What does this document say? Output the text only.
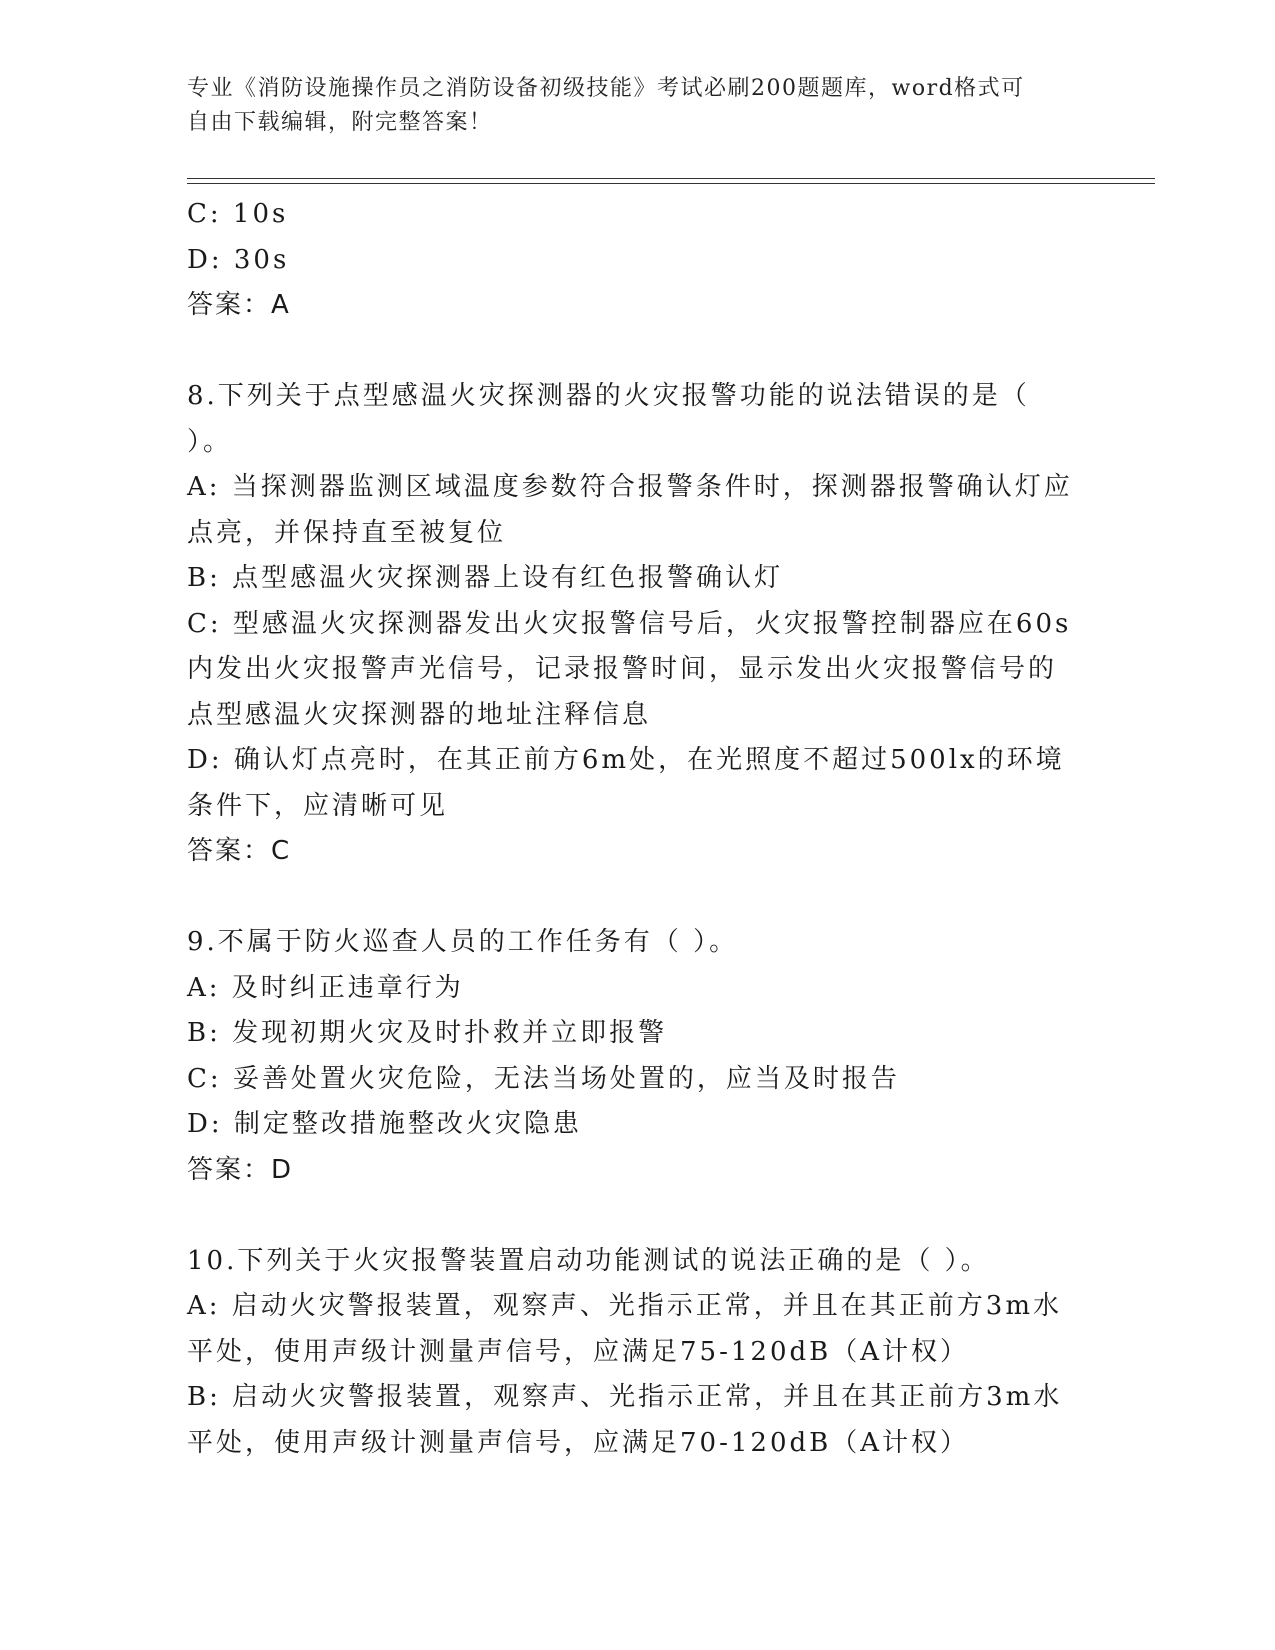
专业《消防设施操作员之消防设备初级技能》考试必刷200题题库，word格式可
自由下载编辑，附完整答案！

C: 10s

D: 30s

答案：A

8.下列关于点型感温火灾探测器的火灾报警功能的说法错误的是（

）。

A: 当探测器监测区域温度参数符合报警条件时，探测器报警确认灯应

点亮，并保持直至被复位

B: 点型感温火灾探测器上设有红色报警确认灯

C: 型感温火灾探测器发出火灾报警信号后，火灾报警控制器应在60s

内发出火灾报警声光信号，记录报警时间，显示发出火灾报警信号的

点型感温火灾探测器的地址注释信息

D: 确认灯点亮时，在其正前方6m处，在光照度不超过500lx的环境

条件下，应清晰可见

答案：C

9.不属于防火巡查人员的工作任务有（ ）。

A: 及时纠正违章行为

B: 发现初期火灾及时扑救并立即报警

C: 妥善处置火灾危险，无法当场处置的，应当及时报告

D: 制定整改措施整改火灾隐患

答案：D

10.下列关于火灾报警装置启动功能测试的说法正确的是（ ）。

A: 启动火灾警报装置，观察声、光指示正常，并且在其正前方3m水

平处，使用声级计测量声信号，应满足75-120dB（A计权）

B: 启动火灾警报装置，观察声、光指示正常，并且在其正前方3m水

平处，使用声级计测量声信号，应满足70-120dB（A计权）
